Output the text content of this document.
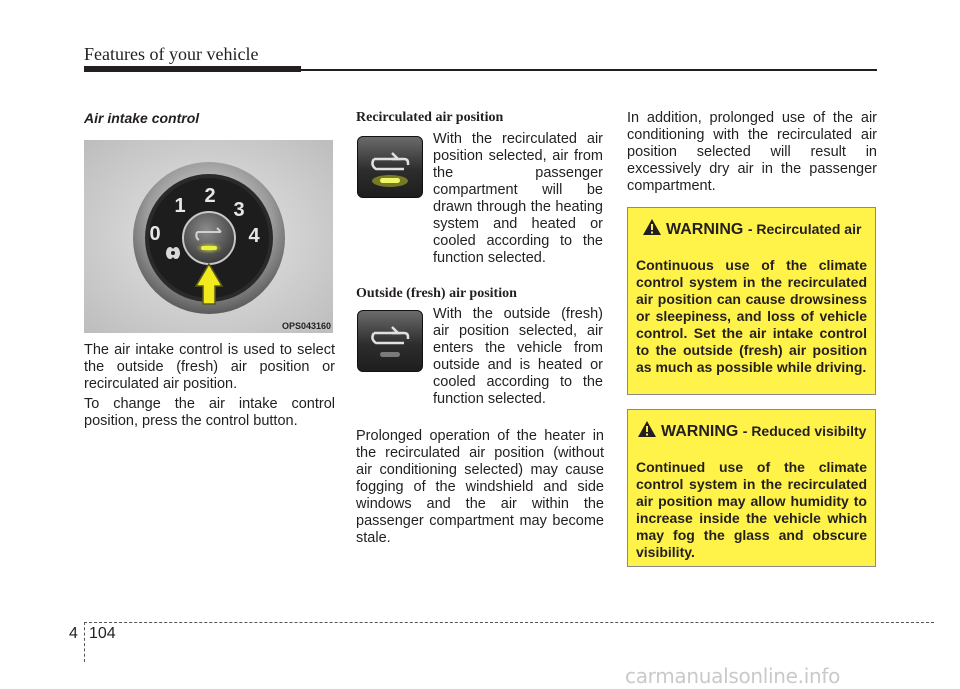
Features of your vehicle
Air intake control
0
1 2
3
4
OPS043160
The air intake control is used to select the outside (fresh) air position or recirculated air position.
To change the air intake control position, press the control button.
Recirculated air position
With the recirculated air position selected, air from the passenger compartment will be drawn through the heating system and heated or cooled according to the function selected.
Outside (fresh) air position
With the outside (fresh) air position selected, air enters the vehicle from outside and is heated or cooled according to the function selected.
Prolonged operation of the heater in the recirculated air position (without air conditioning selected) may cause fogging of the windshield and side windows and the air within the passenger compartment may become stale.
In addition, prolonged use of the air conditioning with the recirculated air position selected will result in excessively dry air in the passenger compartment.
WARNING - Recirculated air
Continuous use of the climate control system in the recirculated air position can cause drowsiness or sleepiness, and loss of vehicle control. Set the air intake control to the outside (fresh) air position as much as possible while driving.
WARNING - Reduced visibilty
Continued use of the climate control system in the recirculated air position may allow humidity to increase inside the vehicle which may fog the glass and obscure visibility.
4 104
carmanualsonline.info
